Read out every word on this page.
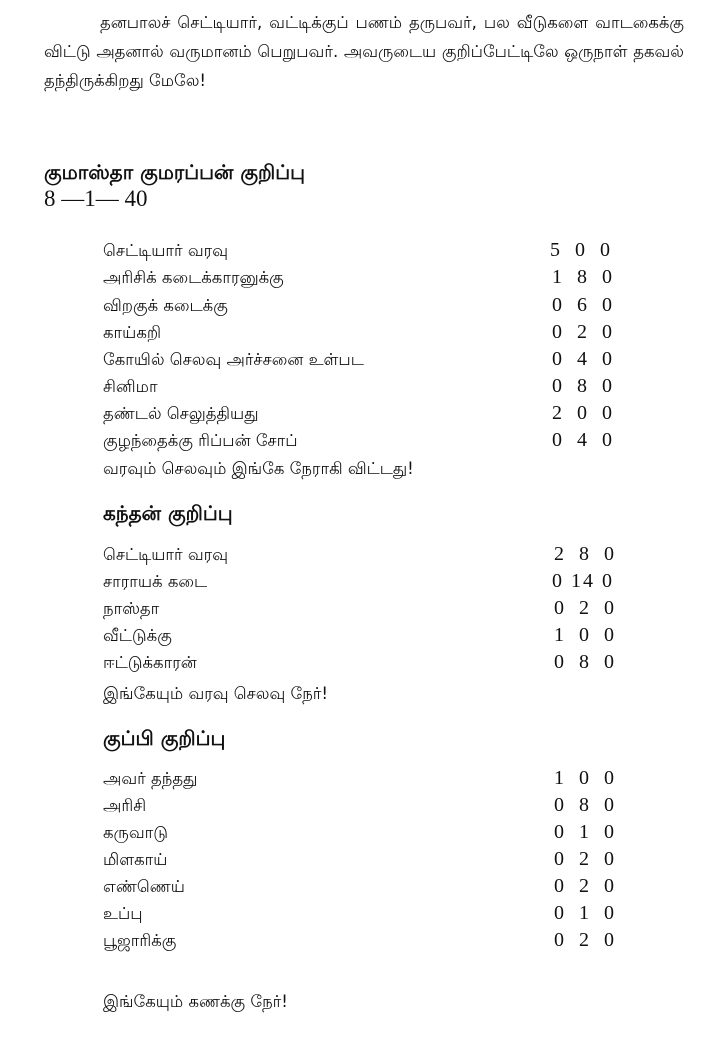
தனபாலச் செட்டியார், வட்டிக்குப் பணம் தருபவர், பல வீடுகளை வாடகைக்கு விட்டு அதனால் வருமானம் பெறுபவர். அவருடைய குறிப்பேட்டிலே ஒருநாள் தகவல் தந்திருக்கிறது மேலே!

குமாஸ்தா குமரப்பன் குறிப்பு
8 —1— 40
செட்டியார் வரவு	5 0 0
அரிசிக் கடைக்காரனுக்கு	1 8 0
விறகுக் கடைக்கு	0 6 0
காய்கறி	0 2 0
கோயில் செலவு அர்ச்சனை உள்பட	0 4 0
சினிமா	0 8 0
தண்டல் செலுத்தியது	2 0 0
குழந்தைக்கு ரிப்பன் சோப்	0 4 0
வரவும் செலவும் இங்கே நேராகி விட்டது!
கந்தன் குறிப்பு
செட்டியார் வரவு	2 8 0
சாராயக் கடை	0 14 0
நாஸ்தா	0 2 0
வீட்டுக்கு	1 0 0
ஈட்டுக்காரன்	0 8 0
இங்கேயும் வரவு செலவு நேர்!
குப்பி குறிப்பு
அவர் தந்தது	1 0 0
அரிசி	0 8 0
கருவாடு	0 1 0
மிளகாய்	0 2 0
எண்ணெய்	0 2 0
உப்பு	0 1 0
பூஜாரிக்கு	0 2 0
இங்கேயும் கணக்கு நேர்!
